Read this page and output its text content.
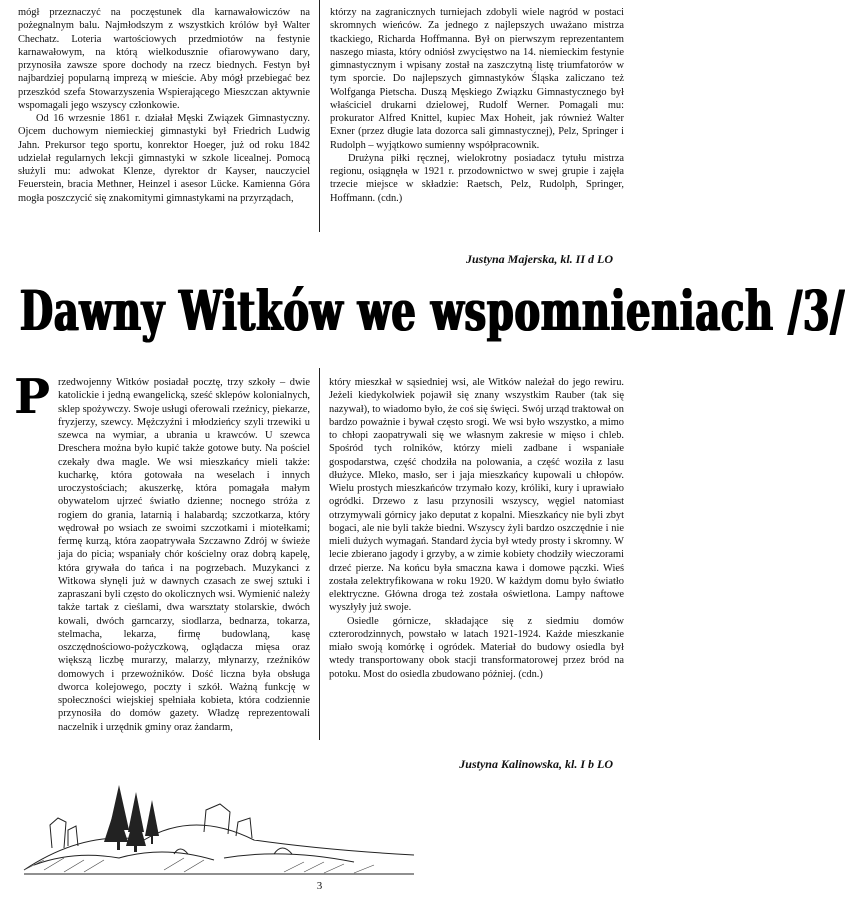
mógł przeznaczyć na poczęstunek dla karnawałowiczów na pożegnalnym balu. Najmłodszym z wszystkich królów był Walter Chechatz. Loteria wartościowych przedmiotów na festynie karnawałowym, na którą wielkodusznie ofiarowywano dary, przynosiła zawsze spore dochody na rzecz biednych. Festyn był najbardziej popularną imprezą w mieście. Aby mógł przebiegać bez przeszkód szefa Stowarzyszenia Wspierającego Mieszczan aktywnie wspomagali jego wszyscy członkowie.

Od 16 wrzesnie 1861 r. działał Męski Związek Gimnastyczny. Ojcem duchowym niemieckiej gimnastyki był Friedrich Ludwig Jahn. Prekursor tego sportu, konrektor Hoeger, już od roku 1842 udzielał regularnych lekcji gimnastyki w szkole licealnej. Pomocą służyli mu: adwokat Klenze, dyrektor dr Kayser, nauczyciel Feuerstein, bracia Methner, Heinzel i asesor Lücke. Kamienna Góra mogła poszczycić się znakomitymi gimnastykami na przyrządach,

którzy na zagranicznych turniejach zdobyli wiele nagród w postaci skromnych wieńców. Za jednego z najlepszych uważano mistrza tkackiego, Richarda Hoffmanna. Był on pierwszym reprezentantem naszego miasta, który odniósł zwycięstwo na 14. niemieckim festynie gimnastycznym i wpisany został na zaszczytną listę triumfatorów w tym sporcie. Do najlepszych gimnastyków Śląska zaliczano też Wolfganga Pietscha. Duszą Męskiego Związku Gimnastycznego był właściciel drukarni dzielowej, Rudolf Werner. Pomagali mu: prokurator Alfred Knittel, kupiec Max Hoheit, jak również Walter Exner (przez długie lata dozorca sali gimnastycznej), Pelz, Springer i Rudolph – wyjątkowo sumienny współpracownik.

Drużyna piłki ręcznej, wielokrotny posiadacz tytułu mistrza regionu, osiągnęła w 1921 r. przodownictwo w swej grupie i zajęła trzecie miejsce w składzie: Raetsch, Pelz, Rudolph, Springer, Hoffmann. (cdn.)

Justyna Majerska, kl. II d LO
Dawny Witków we wspomnieniach /3/
P rzedwojenny Witków posiadał pocztę, trzy szkoły – dwie katolickie i jedną ewangelicką, sześć sklepów kolonialnych, sklep spożywczy. Swoje usługi oferowali rzeźnicy, piekarze, fryzjerzy, szewcy. Mężczyźni i młodzieńcy szyli trzewiki u szewca na wymiar, a ubrania u krawców. U szewca Dreschera można było kupić także gotowe buty. Na pościel czekały dwa magle. We wsi mieszkańcy mieli także: kucharkę, która gotowała na weselach i innych uroczystościach; akuszerkę, która pomagała małym obywatelom ujrzeć światło dzienne; nocnego stróża z rogiem do grania, latarnią i halabardą; szczotkarza, który wędrował po wsiach ze swoimi szczotkami i miotełkami; fermę kurzą, która zaopatrywała Szczawno Zdrój w świeże jaja do picia; wspaniały chór kościelny oraz dobrą kapelę, która grywała do tańca i na pogrzebach. Muzykanci z Witkowa słynęli już w dawnych czasach ze swej sztuki i zapraszani byli często do okolicznych wsi. Wymienić należy także tartak z cieślami, dwa warsztaty stolarskie, dwóch kowali, dwóch garncarzy, siodlarza, bednarza, tokarza, stelmacha, lekarza, firmę budowlaną, kasę oszczędnościowo-pożyczkową, oglądacza mięsa oraz większą liczbę murarzy, malarzy, młynarzy, rzeźników domowych i przewoźników. Dość liczna była obsługa dworca kolejowego, poczty i szkół. Ważną funkcję w społeczności wiejskiej spełniała kobieta, która codziennie przynosiła do domów gazety. Władzę reprezentowali naczelnik i urzędnik gminy oraz żandarm,

który mieszkał w sąsiedniej wsi, ale Witków należał do jego rewiru. Jeżeli kiedykolwiek pojawił się znany wszystkim Rauber (tak się nazywał), to wiadomo było, że coś się święci. Swój urząd traktował on bardzo poważnie i bywał często srogi. We wsi było wszystko, a mimo to chłopi zaopatrywali się we własnym zakresie w mięso i chleb. Spośród tych rolników, którzy mieli zadbane i wspaniałe gospodarstwa, część chodziła na polowania, a część woziła z lasu dłużyce. Mleko, masło, ser i jaja mieszkańcy kupowali u chłopów. Wielu prostych mieszkańców trzymało kozy, króliki, kury i uprawiało ogródki. Drzewo z lasu przynosili wszyscy, węgiel natomiast otrzymywali górnicy jako deputat z kopalni. Mieszkańcy nie byli zbyt bogaci, ale nie byli także biedni. Wszyscy żyli bardzo oszczędnie i nie mieli dużych wymagań. Standard życia był wtedy prosty i skromny. W lecie zbierano jagody i grzyby, a w zimie kobiety chodziły wieczorami drzeć pierze. Na końcu była smaczna kawa i domowe pączki. Wieś została zelektryfikowana w roku 1920. W każdym domu było światło elektryczne. Główna droga też została oświetlona. Lampy naftowe wyszłyły już swoje.

Osiedle górnicze, składające się z siedmiu domów czterorodzinnych, powstało w latach 1921-1924. Każde mieszkanie miało swoją komórkę i ogródek. Materiał do budowy osiedla był wtedy transportowany obok stacji transformatorowej przez bród na potoku. Most do osiedla zbudowano później. (cdn.)

Justyna Kalinowska, kl. I b LO
3
